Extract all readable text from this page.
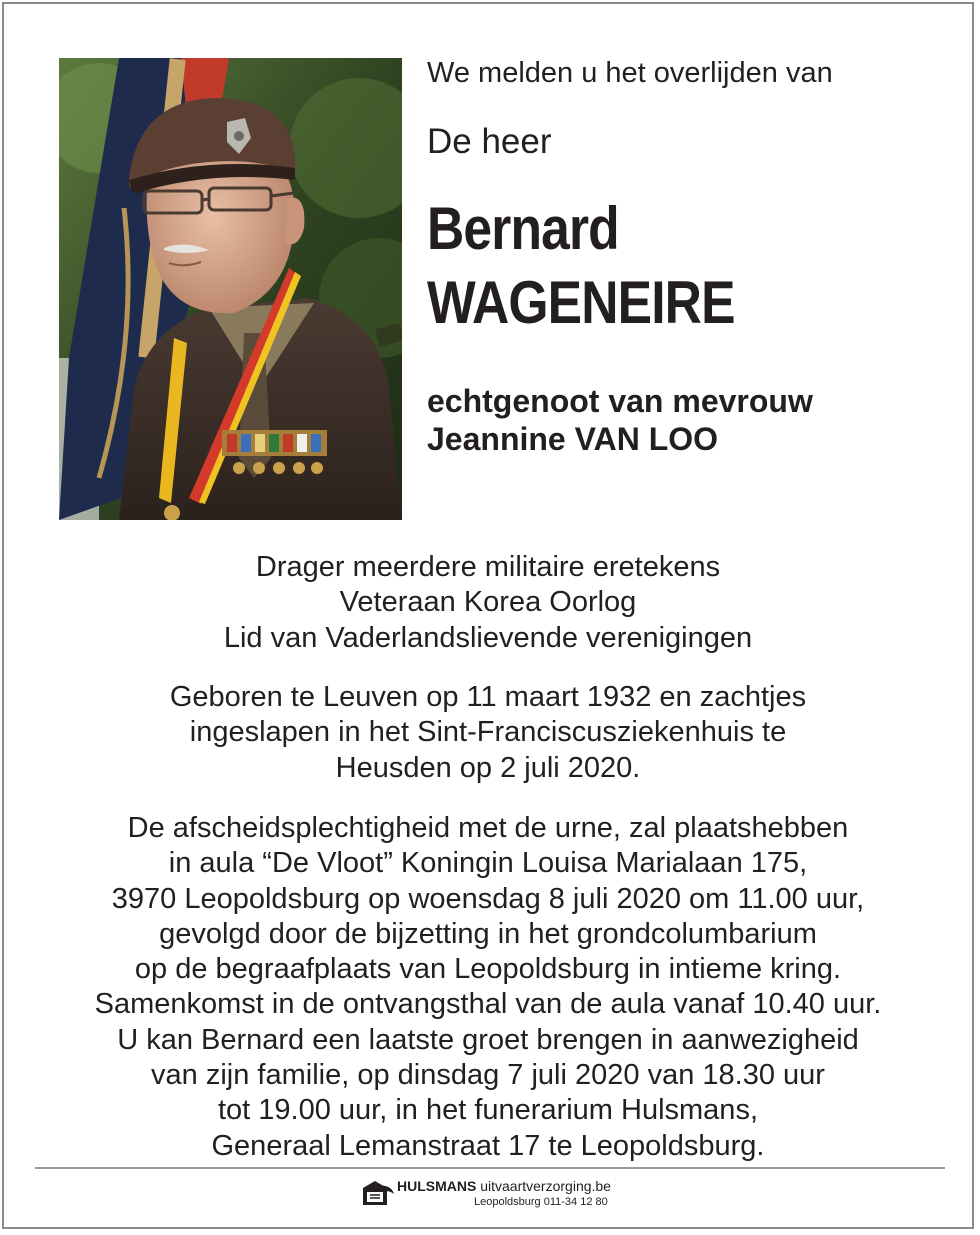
We melden u het overlijden van

De heer

Bernard
WAGENEIRE
echtgenoot van mevrouw
Jeannine VAN LOO
Drager meerdere militaire eretekens
Veteraan Korea Oorlog
Lid van Vaderlandslievende verenigingen
Geboren te Leuven op 11 maart 1932 en zachtjes
ingeslapen in het Sint-Franciscusziekenhuis te
Heusden op 2 juli 2020.
De afscheidsplechtigheid met de urne, zal plaatshebben
in aula “De Vloot” Koningin Louisa Marialaan 175,
3970 Leopoldsburg op woensdag 8 juli 2020 om 11.00 uur,
gevolgd door de bijzetting in het grondcolumbarium
op de begraafplaats van Leopoldsburg in intieme kring.
Samenkomst in de ontvangsthal van de aula vanaf 10.40 uur.
U kan Bernard een laatste groet brengen in aanwezigheid
van zijn familie, op dinsdag 7 juli 2020 van 18.30 uur
tot 19.00 uur, in het funerarium Hulsmans,
Generaal Lemanstraat 17 te Leopoldsburg.
HULSMANS uitvaartverzorging.be
Leopoldsburg 011-34 12 80
